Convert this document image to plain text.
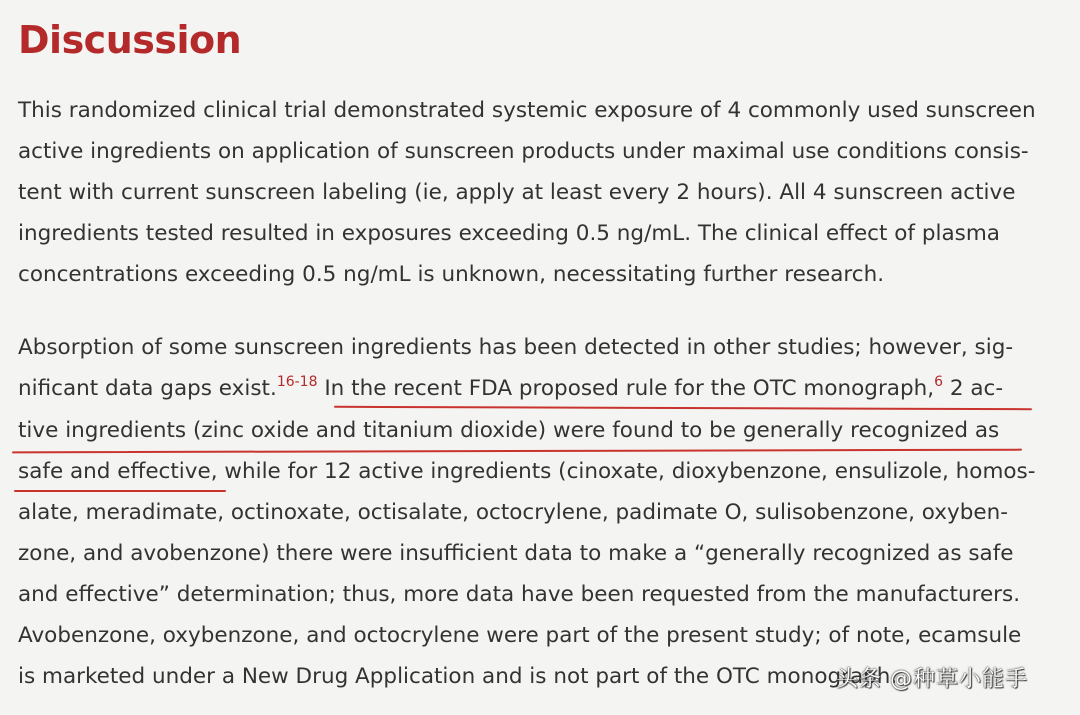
Discussion
This randomized clinical trial demonstrated systemic exposure of 4 commonly used sunscreen
active ingredients on application of sunscreen products under maximal use conditions consis-
tent with current sunscreen labeling (ie, apply at least every 2 hours). All 4 sunscreen active
ingredients tested resulted in exposures exceeding 0.5 ng/mL. The clinical effect of plasma
concentrations exceeding 0.5 ng/mL is unknown, necessitating further research.
Absorption of some sunscreen ingredients has been detected in other studies; however, sig-
nificant data gaps exist.$^{16-18}$ In the recent FDA proposed rule for the OTC monograph,$^6$ 2 ac-
tive ingredients (zinc oxide and titanium dioxide) were found to be generally recognized as
safe and effective, while for 12 active ingredients (cinoxate, dioxybenzone, ensulizole, homos-
alate, meradimate, octinoxate, octisalate, octocrylene, padimate O, sulisobenzone, oxyben-
zone, and avobenzone) there were insufficient data to make a “generally recognized as safe
and effective” determination; thus, more data have been requested from the manufacturers.
Avobenzone, oxybenzone, and octocrylene were part of the present study; of note, ecamsule
is marketed under a New Drug Application and is not part of the OTC monograph.
头条 @种草小能手
